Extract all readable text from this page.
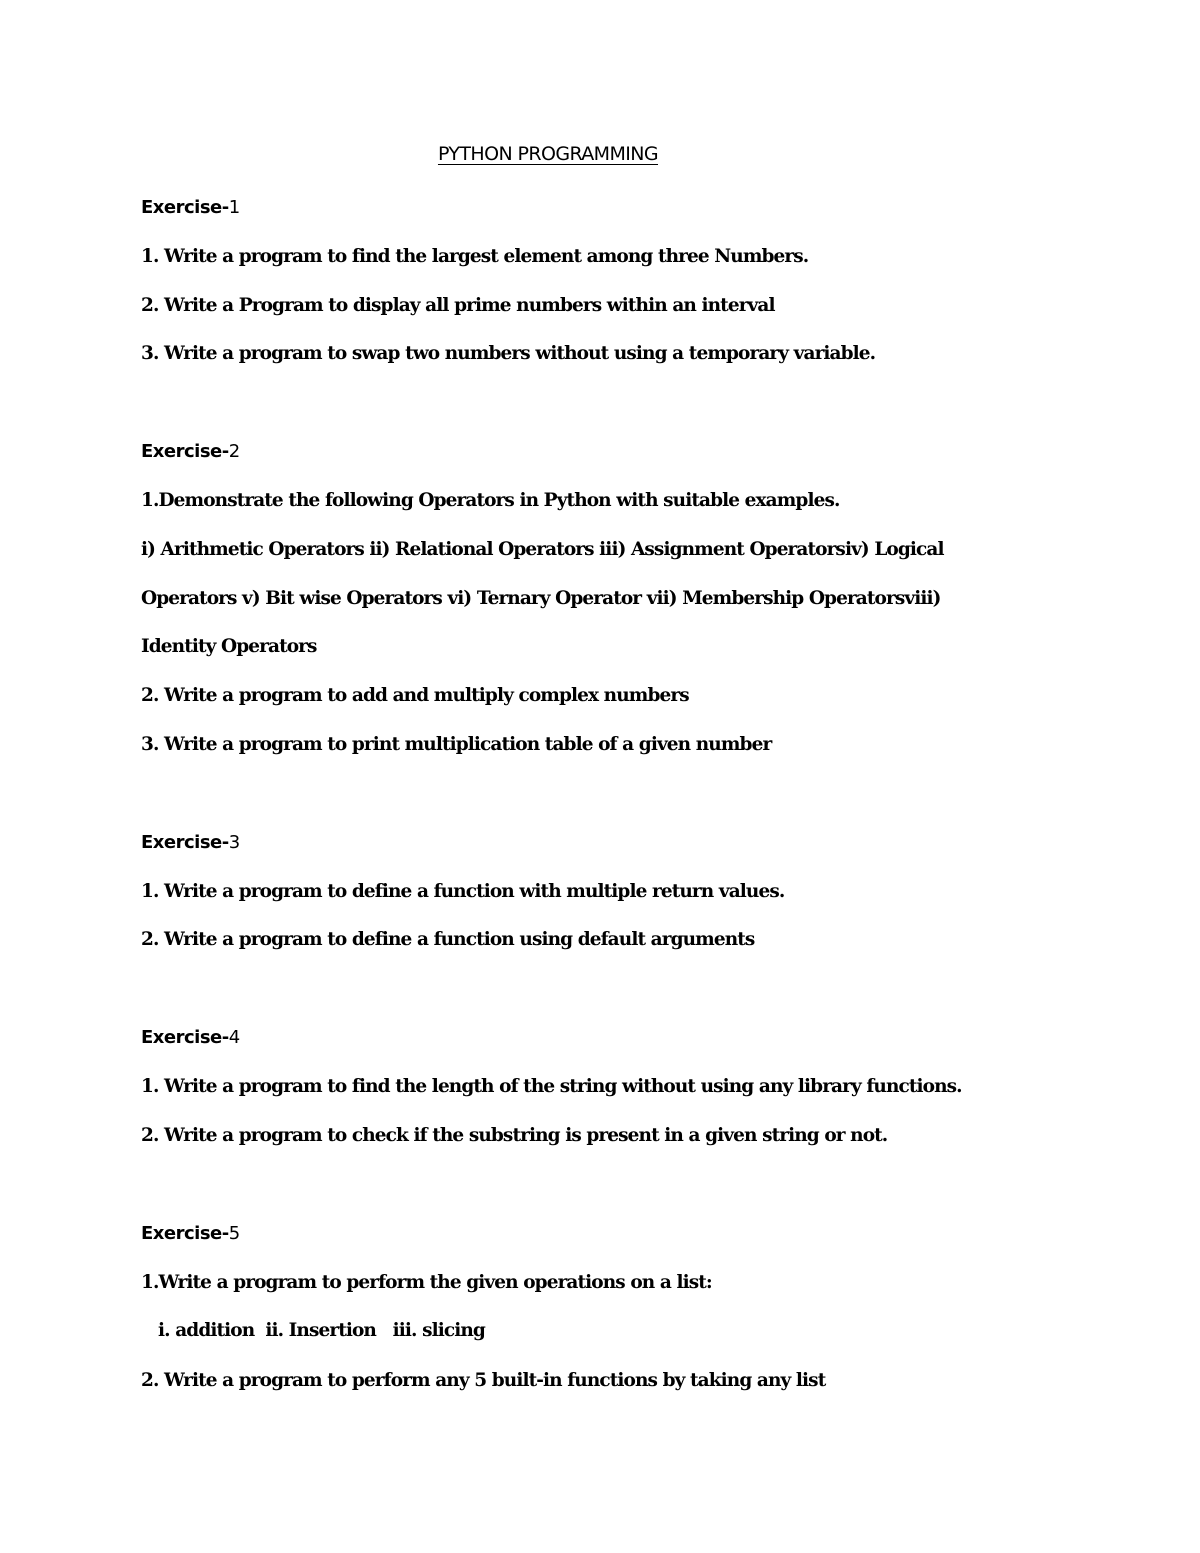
PYTHON PROGRAMMING
Exercise-1
1. Write a program to find the largest element among three Numbers.
2. Write a Program to display all prime numbers within an interval
3. Write a program to swap two numbers without using a temporary variable.
Exercise-2
1.Demonstrate the following Operators in Python with suitable examples.
i) Arithmetic Operators ii) Relational Operators iii) Assignment Operatorsiv) Logical
Operators v) Bit wise Operators vi) Ternary Operator vii) Membership Operatorsviii)
Identity Operators
2. Write a program to add and multiply complex numbers
3. Write a program to print multiplication table of a given number
Exercise-3
1. Write a program to define a function with multiple return values.
2. Write a program to define a function using default arguments
Exercise-4
1. Write a program to find the length of the string without using any library functions.
2. Write a program to check if the substring is present in a given string or not.
Exercise-5
1.Write a program to perform the given operations on a list:
i. addition  ii. Insertion   iii. slicing
2. Write a program to perform any 5 built-in functions by taking any list
